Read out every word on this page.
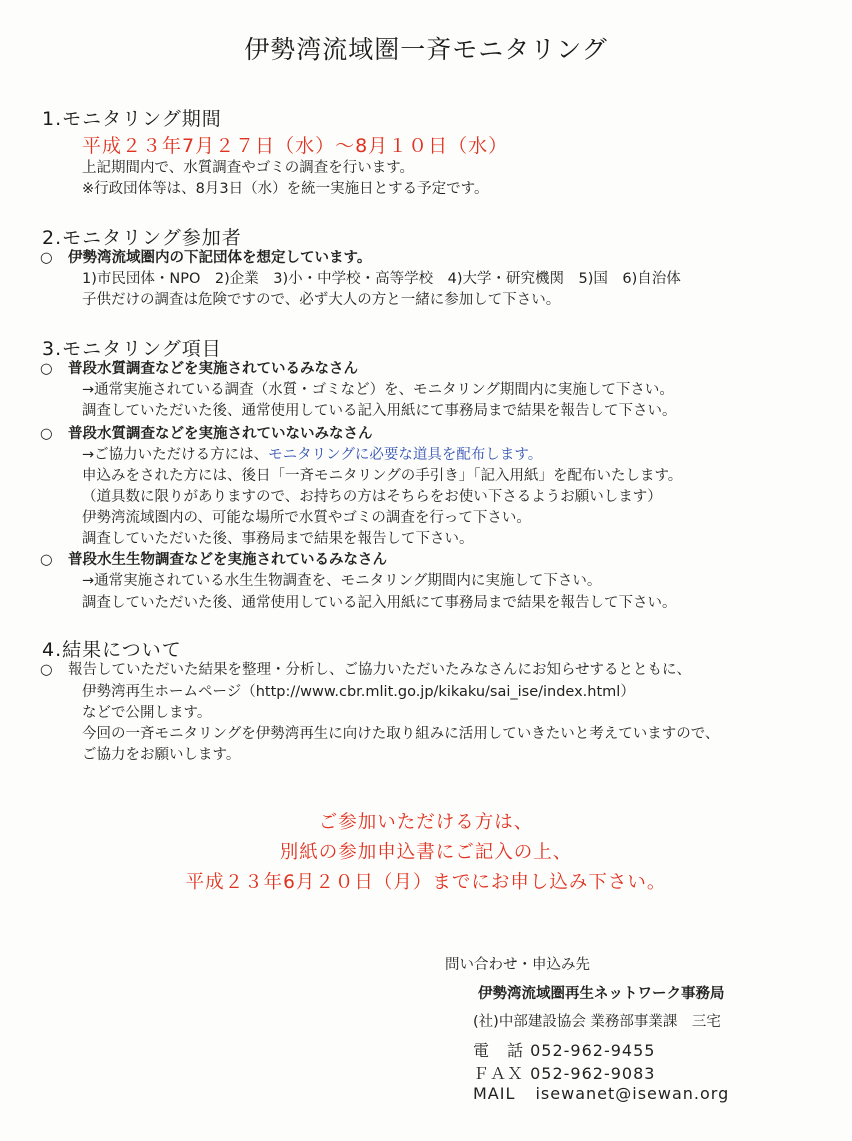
伊勢湾流域圏一斉モニタリング
1.モニタリング期間
平成２３年7月２７日（水）～8月１０日（水）
上記期間内で、水質調査やゴミの調査を行います。
※行政団体等は、8月3日（水）を統一実施日とする予定です。
2.モニタリング参加者
○ 伊勢湾流域圏内の下記団体を想定しています。
1)市民団体・NPO　2)企業　3)小・中学校・高等学校　4)大学・研究機関　5)国　6)自治体
子供だけの調査は危険ですので、必ず大人の方と一緒に参加して下さい。
3.モニタリング項目
○ 普段水質調査などを実施されているみなさん
→通常実施されている調査（水質・ゴミなど）を、モニタリング期間内に実施して下さい。
調査していただいた後、通常使用している記入用紙にて事務局まで結果を報告して下さい。
○ 普段水質調査などを実施されていないみなさん
→ご協力いただける方には、モニタリングに必要な道具を配布します。
申込みをされた方には、後日「一斉モニタリングの手引き」「記入用紙」を配布いたします。
（道具数に限りがありますので、お持ちの方はそちらをお使い下さるようお願いします）
伊勢湾流域圏内の、可能な場所で水質やゴミの調査を行って下さい。
調査していただいた後、事務局まで結果を報告して下さい。
○ 普段水生生物調査などを実施されているみなさん
→通常実施されている水生生物調査を、モニタリング期間内に実施して下さい。
調査していただいた後、通常使用している記入用紙にて事務局まで結果を報告して下さい。
4.結果について
○ 報告していただいた結果を整理・分析し、ご協力いただいたみなさんにお知らせするとともに、
伊勢湾再生ホームページ（http://www.cbr.mlit.go.jp/kikaku/sai_ise/index.html）
などで公開します。
今回の一斉モニタリングを伊勢湾再生に向けた取り組みに活用していきたいと考えていますので、
ご協力をお願いします。
ご参加いただける方は、
別紙の参加申込書にご記入の上、
平成２３年6月２０日（月）までにお申し込み下さい。
問い合わせ・申込み先
伊勢湾流域圏再生ネットワーク事務局
(社)中部建設協会 業務部事業課　三宅
電　話 052-962-9455
ＦＡＸ 052-962-9083
MAIL isewanet@isewan.org
